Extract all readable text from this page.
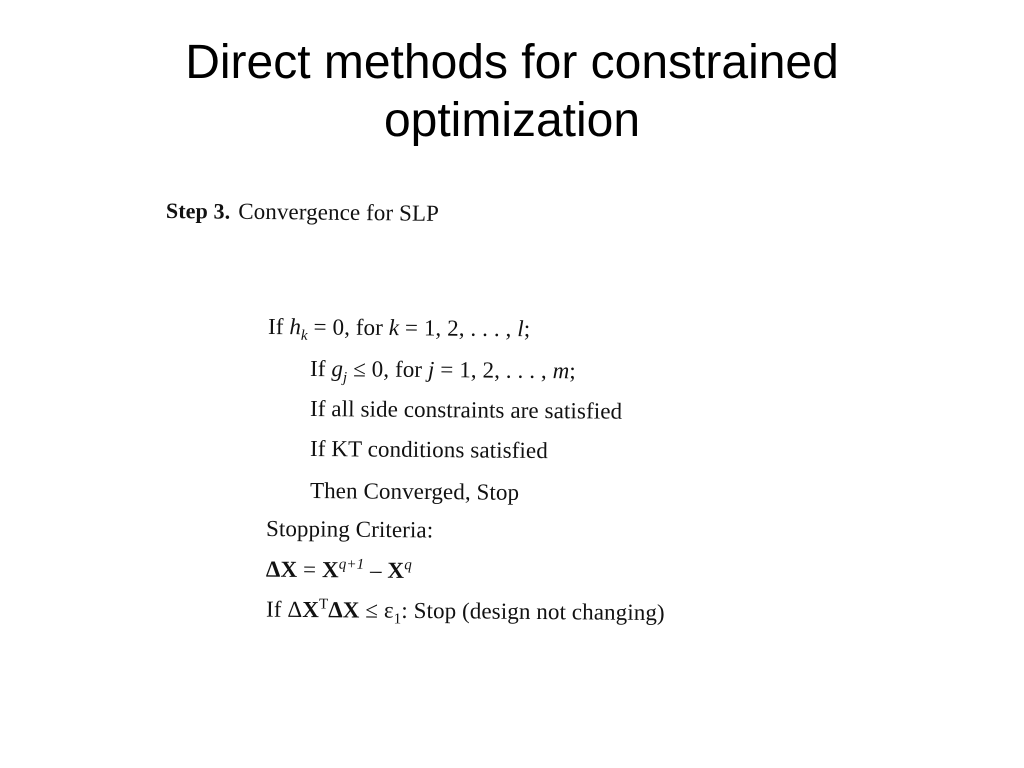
Direct methods for constrained
optimization
Step 3. Convergence for SLP
If $h_k = 0$, for k = 1, 2, . . . , l;
If $g_j \le 0$, for j = 1, 2, . . . , m;
If all side constraints are satisfied
If KT conditions satisfied
Then Converged, Stop
Stopping Criteria:
$\Delta X = X^{q+1} - X^q$
If $\Delta X^T\Delta X \le \varepsilon_1$: Stop (design not changing)
